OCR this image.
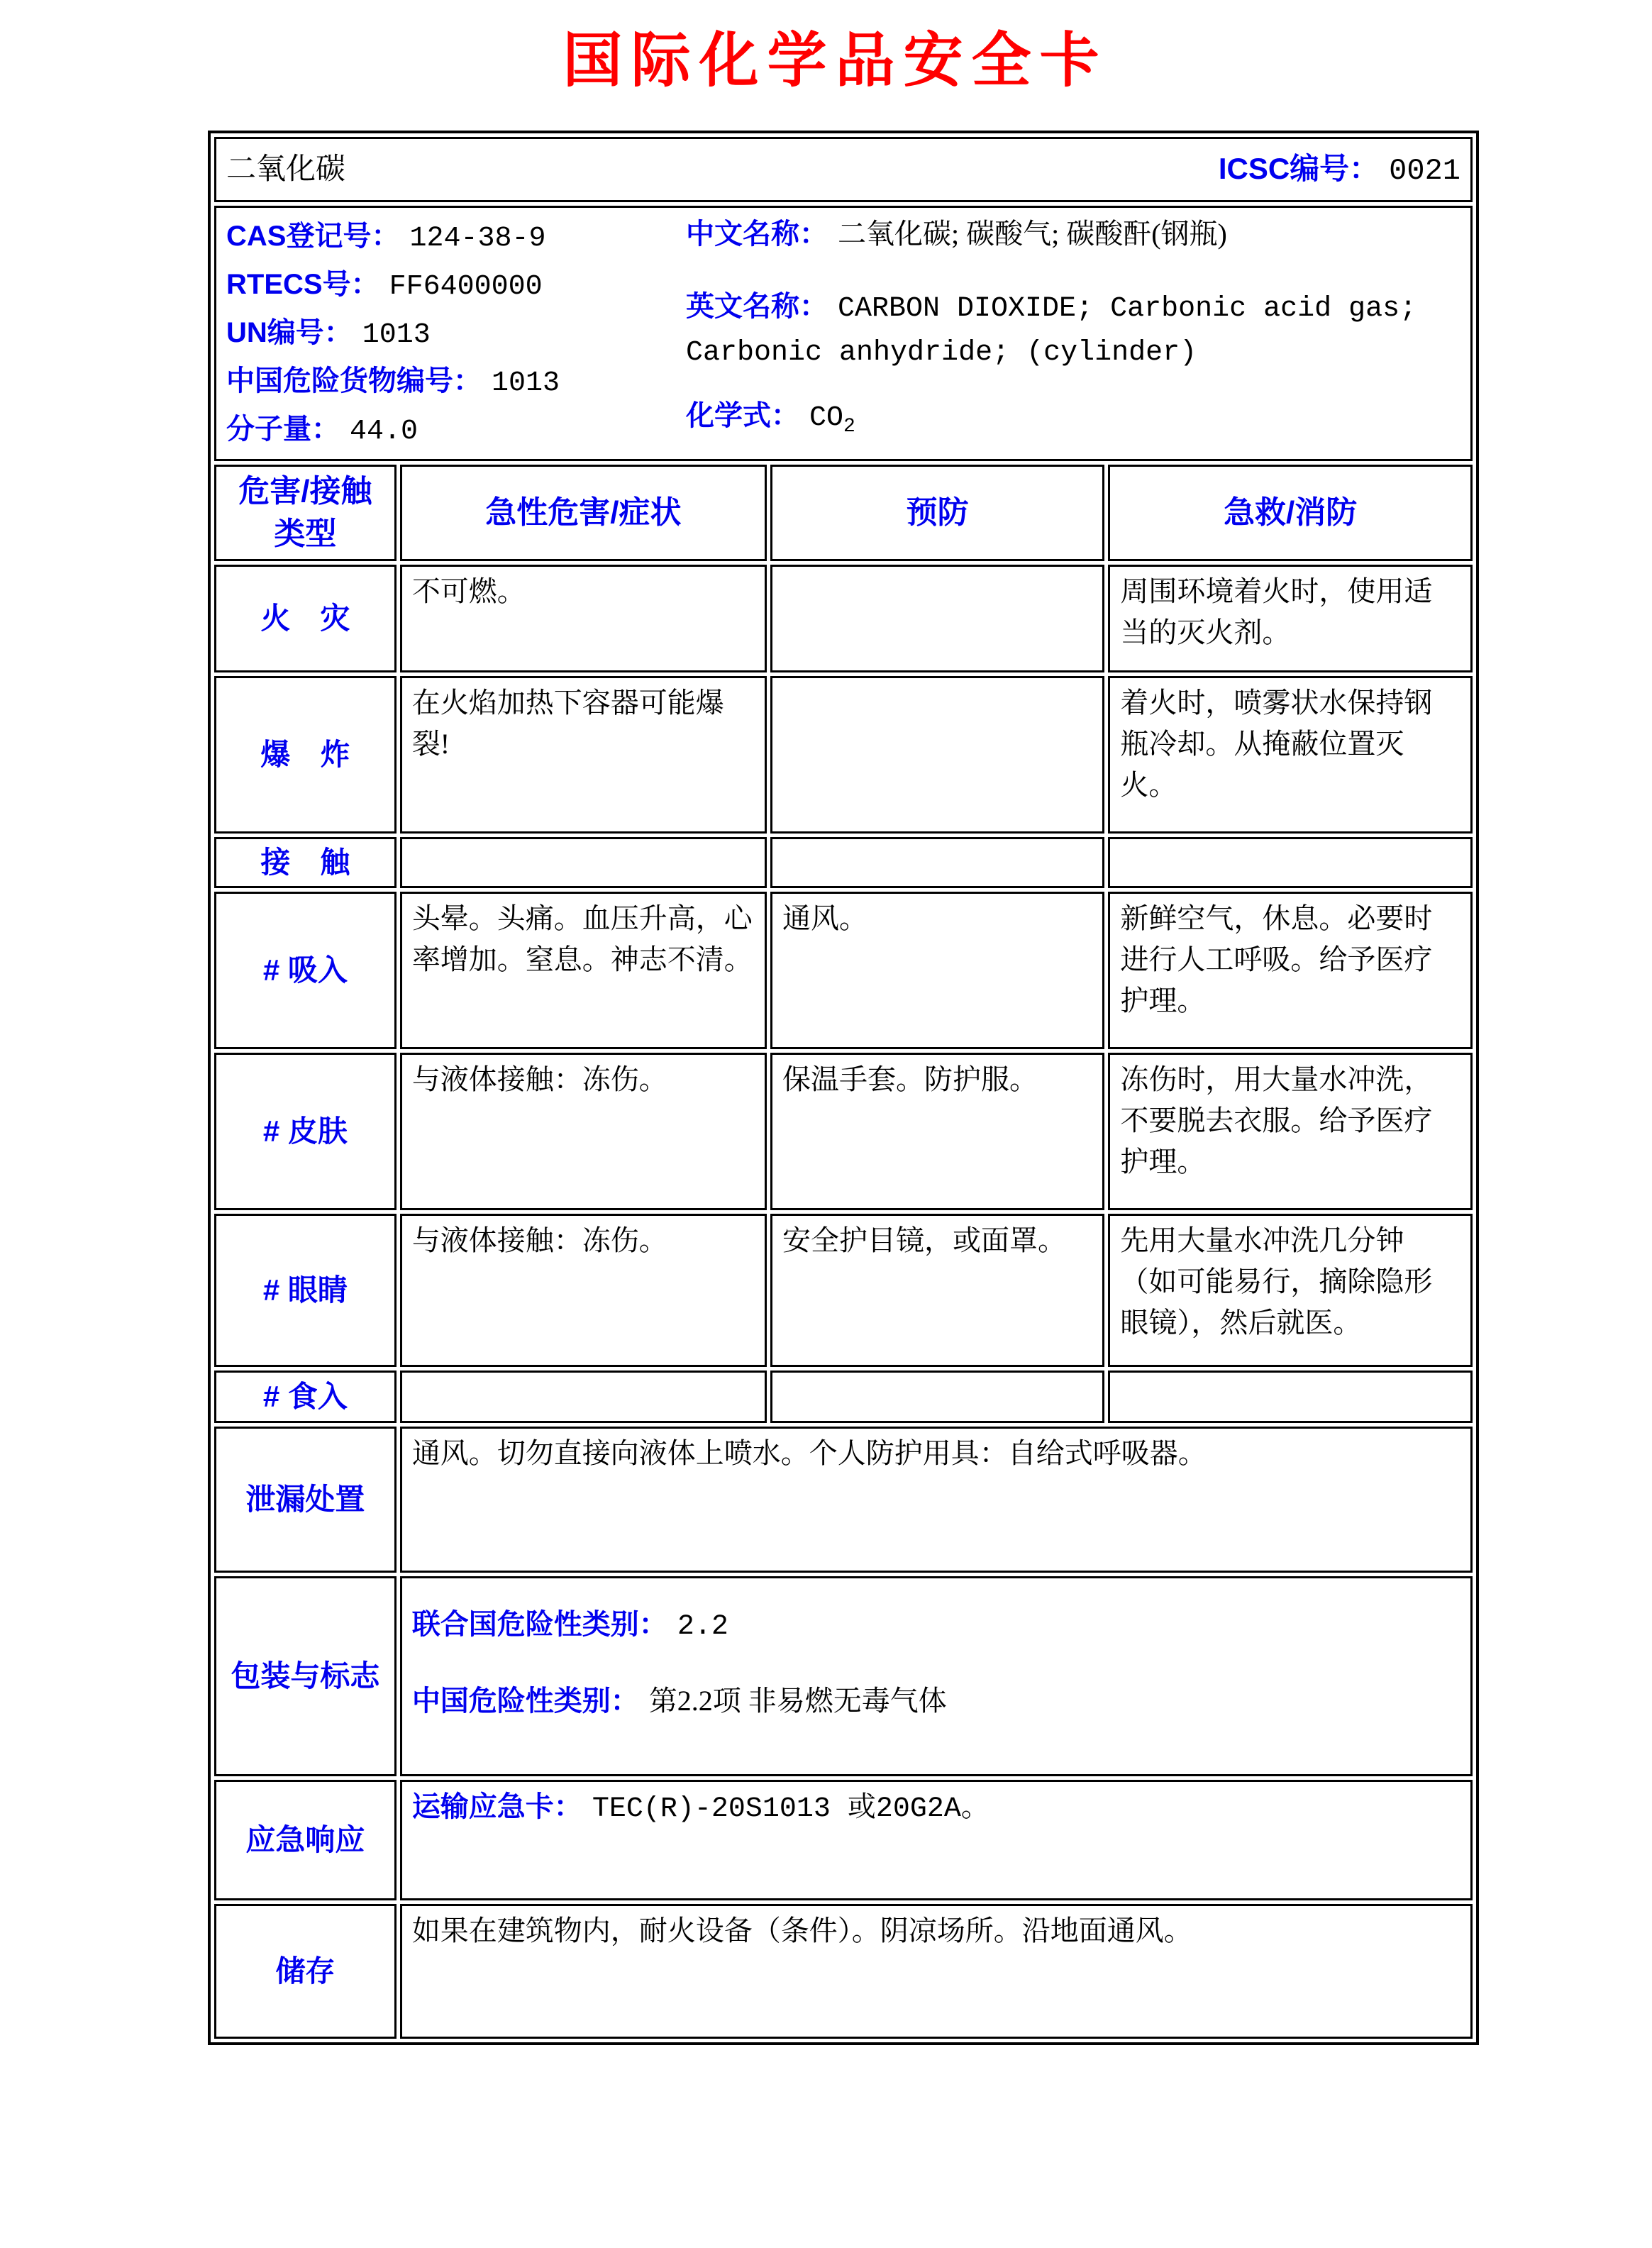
国际化学品安全卡
二氧化碳 ICSC编号： 0021			

CAS登记号： 124-38-9
RTECS号： FF6400000
UN编号： 1013
中国危险货物编号： 1013
分子量： 44.0

中文名称： 二氧化碳; 碳酸气; 碳酸酐(钢瓶)

英文名称： CARBON DIOXIDE; Carbonic acid gas; Carbonic anhydride; (cylinder)

化学式： $CO_2$

危害/接触类型	急性危害/症状	预防	急救/消防
火　灾	不可燃。		周围环境着火时，使用适当的灭火剂。
爆　炸	在火焰加热下容器可能爆裂!		着火时，喷雾状水保持钢瓶冷却。从掩蔽位置灭火。
接　触			
# 吸入	头晕。头痛。血压升高，心率增加。窒息。神志不清。	通风。	新鲜空气，休息。必要时进行人工呼吸。给予医疗护理。
# 皮肤	与液体接触：冻伤。	保温手套。防护服。	冻伤时，用大量水冲洗，不要脱去衣服。给予医疗护理。
# 眼睛	与液体接触：冻伤。	安全护目镜，或面罩。	先用大量水冲洗几分钟（如可能易行，摘除隐形眼镜），然后就医。
# 食入			
泄漏处置	通风。切勿直接向液体上喷水。个人防护用具：自给式呼吸器。		

包装与标志	联合国危险性类别： 2.2

中国危险性类别： 第2.2项 非易燃无毒气体		

应急响应	运输应急卡： TEC(R)-20S1013 或20G2A。		

储存	如果在建筑物内，耐火设备（条件）。阴凉场所。沿地面通风。		
